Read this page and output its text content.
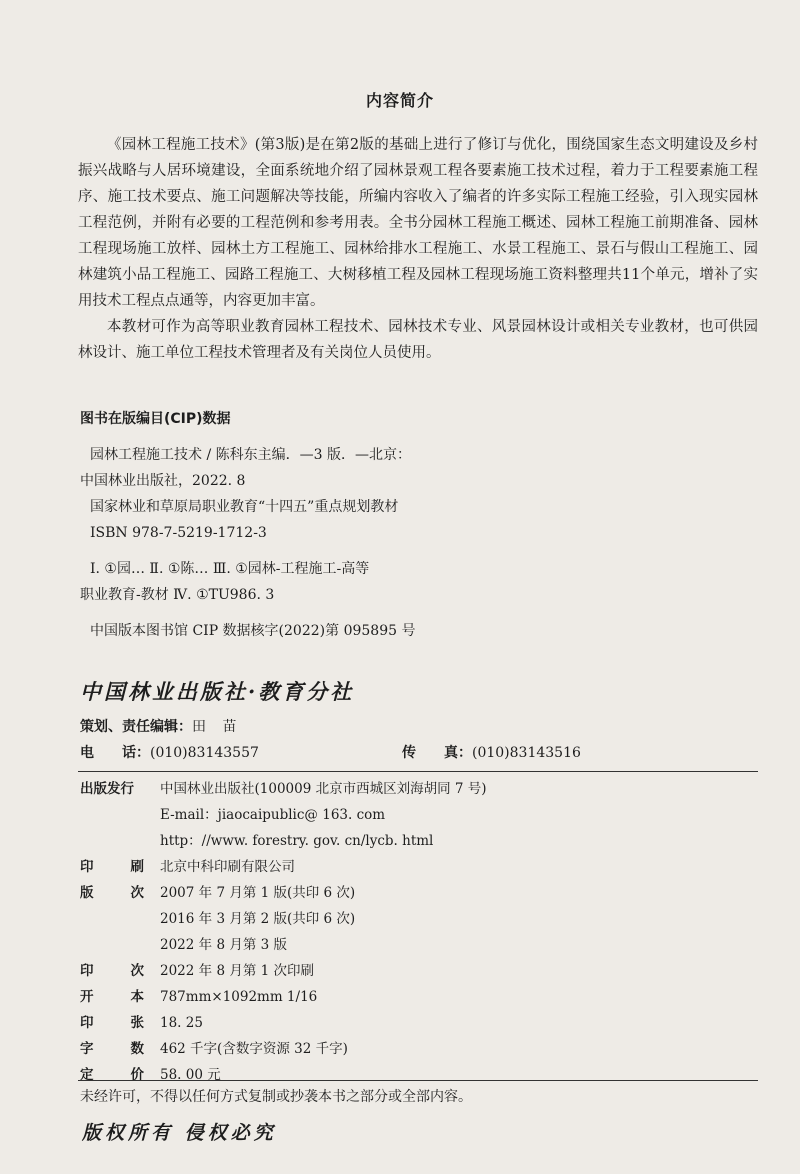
内容简介

《园林工程施工技术》(第3版)是在第2版的基础上进行了修订与优化，围绕国家生态文明建设及乡村振兴战略与人居环境建设，全面系统地介绍了园林景观工程各要素施工技术过程，着力于工程要素施工程序、施工技术要点、施工问题解决等技能，所编内容收入了编者的许多实际工程施工经验，引入现实园林工程范例，并附有必要的工程范例和参考用表。全书分园林工程施工概述、园林工程施工前期准备、园林工程现场施工放样、园林土方工程施工、园林给排水工程施工、水景工程施工、景石与假山工程施工、园林建筑小品工程施工、园路工程施工、大树移植工程及园林工程现场施工资料整理共11个单元，增补了实用技术工程点点通等，内容更加丰富。

本教材可作为高等职业教育园林工程技术、园林技术专业、风景园林设计或相关专业教材，也可供园林设计、施工单位工程技术管理者及有关岗位人员使用。

图书在版编目(CIP)数据
园林工程施工技术 / 陈科东主编．—3 版．—北京：
中国林业出版社，2022. 8
国家林业和草原局职业教育“十四五”重点规划教材
ISBN 978-7-5219-1712-3
Ⅰ. ①园… Ⅱ. ①陈… Ⅲ. ①园林-工程施工-高等
职业教育-教材 Ⅳ. ①TU986. 3
中国版本图书馆 CIP 数据核字(2022)第 095895 号
中国林业出版社·教育分社
策划、责任编辑：田 苗
电　　话：(010)83143557	传　　真：(010)83143516
出版发行	中国林业出版社(100009 北京市西城区刘海胡同 7 号)
E-mail：jiaocaipublic@ 163. com
http：//www. forestry. gov. cn/lycb. html
印	刷 北京中科印刷有限公司
版	次 2007 年 7 月第 1 版(共印 6 次)
2016 年 3 月第 2 版(共印 6 次)
2022 年 8 月第 3 版
印	次 2022 年 8 月第 1 次印刷
开	本 787mm×1092mm 1/16
印	张 18. 25
字	数 462 千字(含数字资源 32 千字)
定	价 58. 00 元
未经许可，不得以任何方式复制或抄袭本书之部分或全部内容。
版权所有 侵权必究
